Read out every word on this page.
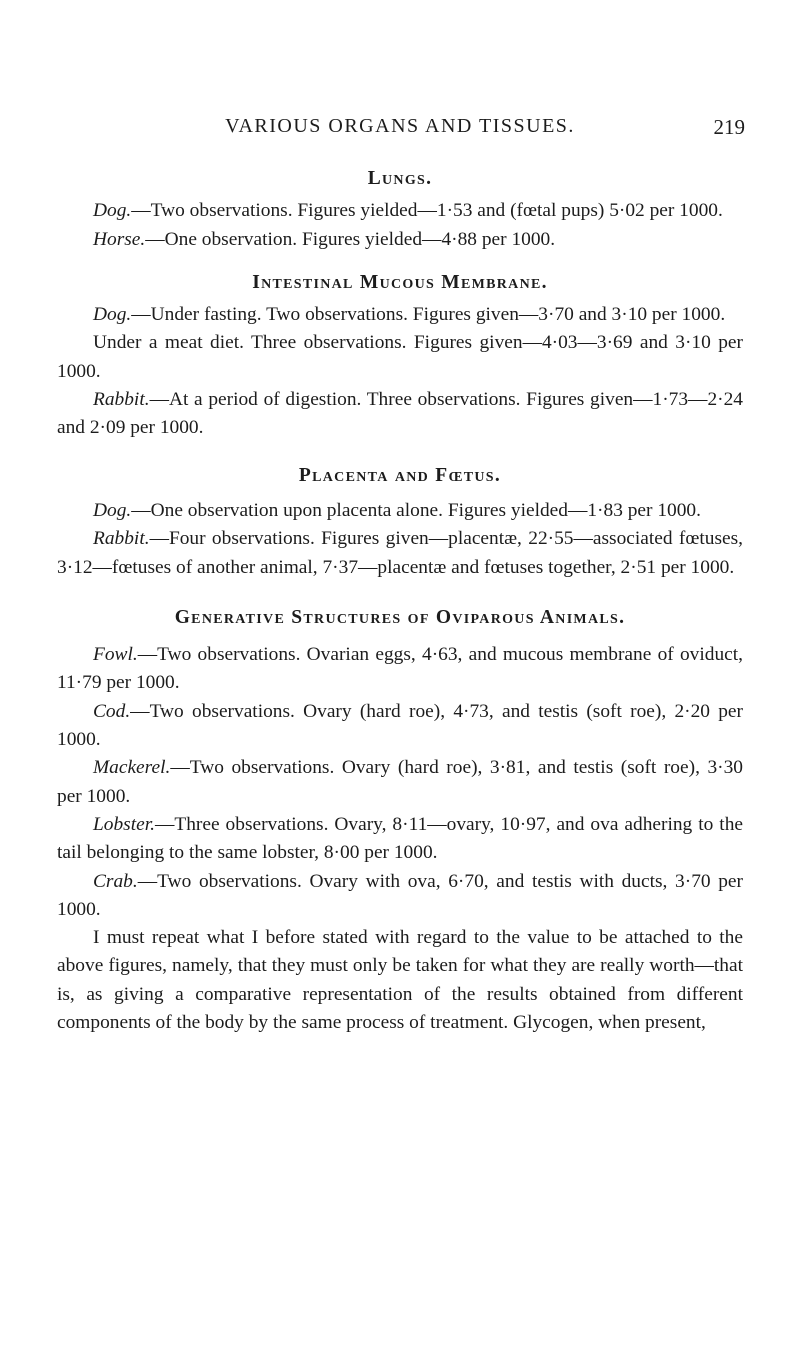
VARIOUS ORGANS AND TISSUES.	219
Lungs.

Dog.—Two observations. Figures yielded—1·53 and (fœtal pups) 5·02 per 1000.

Horse.—One observation. Figures yielded—4·88 per 1000.

Intestinal Mucous Membrane.

Dog.—Under fasting. Two observations. Figures given—3·70 and 3·10 per 1000.

Under a meat diet. Three observations. Figures given—4·03—3·69 and 3·10 per 1000.

Rabbit.—At a period of digestion. Three observations. Figures given—1·73—2·24 and 2·09 per 1000.

Placenta and Fœtus.

Dog.—One observation upon placenta alone. Figures yielded—1·83 per 1000.

Rabbit.—Four observations. Figures given—placentæ, 22·55—associated fœtuses, 3·12—fœtuses of another animal, 7·37—placentæ and fœtuses together, 2·51 per 1000.

Generative Structures of Oviparous Animals.

Fowl.—Two observations. Ovarian eggs, 4·63, and mucous membrane of oviduct, 11·79 per 1000.

Cod.—Two observations. Ovary (hard roe), 4·73, and testis (soft roe), 2·20 per 1000.

Mackerel.—Two observations. Ovary (hard roe), 3·81, and testis (soft roe), 3·30 per 1000.

Lobster.—Three observations. Ovary, 8·11—ovary, 10·97, and ova adhering to the tail belonging to the same lobster, 8·00 per 1000.

Crab.—Two observations. Ovary with ova, 6·70, and testis with ducts, 3·70 per 1000.

I must repeat what I before stated with regard to the value to be attached to the above figures, namely, that they must only be taken for what they are really worth—that is, as giving a comparative representation of the results obtained from different components of the body by the same process of treatment. Glycogen, when present,
